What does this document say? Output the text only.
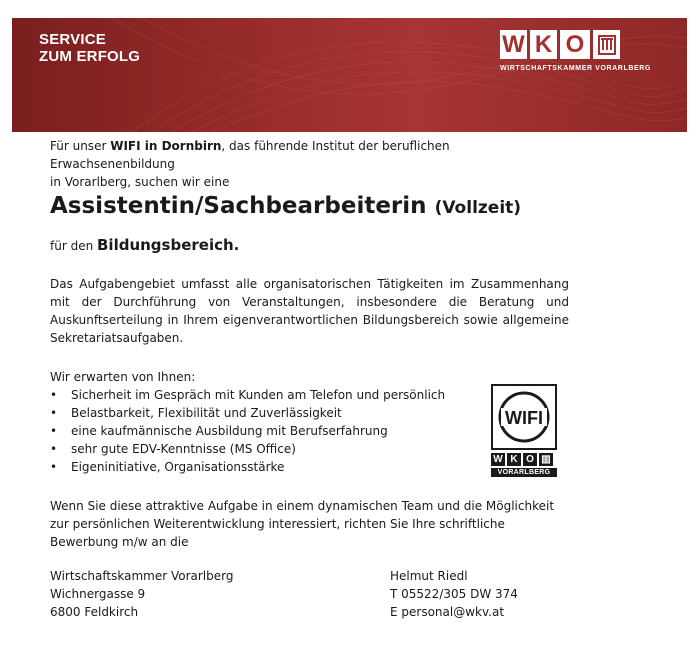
SERVICE
ZUM ERFOLG	W K O
WIRTSCHAFTSKAMMER VORARLBERG

Für unser WIFI in Dornbirn, das führende Institut der beruflichen Erwachsenenbildung
in Vorarlberg, suchen wir eine

Assistentin/Sachbearbeiterin (Vollzeit)
für den Bildungsbereich.

Das Aufgabengebiet umfasst alle organisatorischen Tätigkeiten im Zusammenhang mit der Durchführung von Veranstaltungen, insbesondere die Beratung und Auskunftserteilung in Ihrem eigenverantwortlichen Bildungsbereich sowie allgemeine Sekretariatsaufgaben.

Wir erwarten von Ihnen:

• Sicherheit im Gespräch mit Kunden am Telefon und persönlich
• Belastbarkeit, Flexibilität und Zuverlässigkeit
• eine kaufmännische Ausbildung mit Berufserfahrung
• sehr gute EDV-Kenntnisse (MS Office)
• Eigeninitiative, Organisationsstärke
WIFI
W K O ▥
VORARLBERG

Wenn Sie diese attraktive Aufgabe in einem dynamischen Team und die Möglichkeit
zur persönlichen Weiterentwicklung interessiert, richten Sie Ihre schriftliche
Bewerbung m/w an die

Wirtschaftskammer Vorarlberg
Wichnergasse 9
6800 Feldkirch

Helmut Riedl
T 05522/305 DW 374
E personal@wkv.at
